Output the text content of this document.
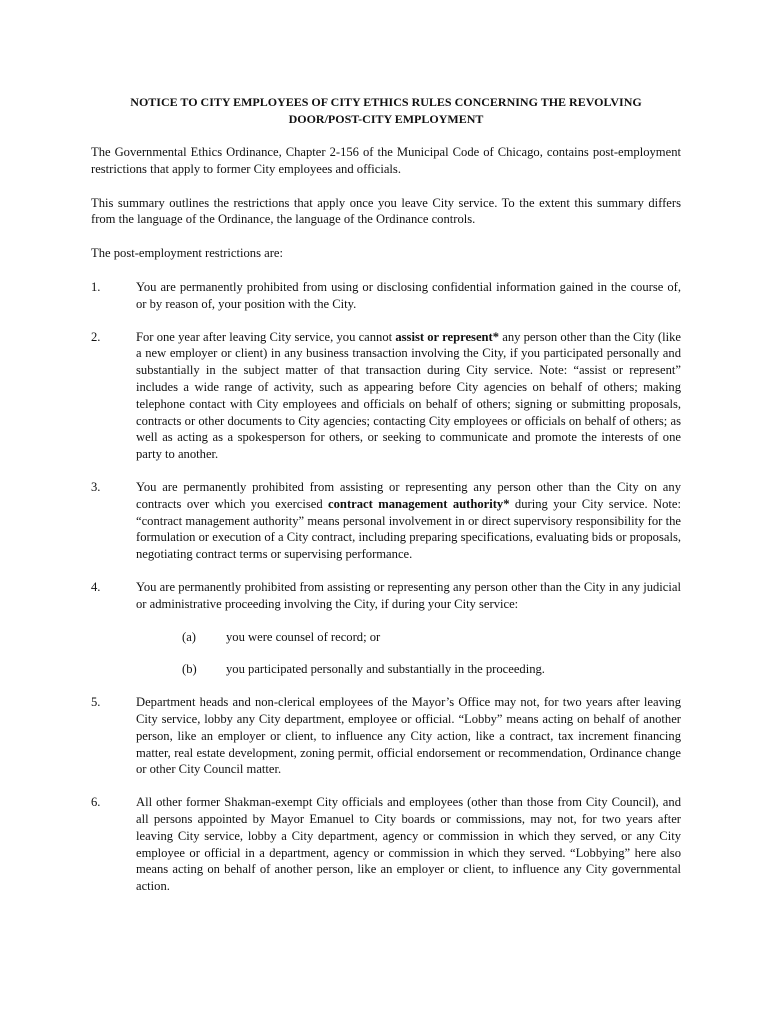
NOTICE TO CITY EMPLOYEES OF CITY ETHICS RULES CONCERNING THE REVOLVING
DOOR/POST-CITY EMPLOYMENT

The Governmental Ethics Ordinance, Chapter 2-156 of the Municipal Code of Chicago, contains post-employment restrictions that apply to former City employees and officials.

This summary outlines the restrictions that apply once you leave City service. To the extent this summary differs from the language of the Ordinance, the language of the Ordinance controls.

The post-employment restrictions are:

1.	You are permanently prohibited from using or disclosing confidential information gained in the course of, or by reason of, your position with the City.
2.	For one year after leaving City service, you cannot assist or represent* any person other than the City (like a new employer or client) in any business transaction involving the City, if you participated personally and substantially in the subject matter of that transaction during City service. Note: “assist or represent” includes a wide range of activity, such as appearing before City agencies on behalf of others; making telephone contact with City employees and officials on behalf of others; signing or submitting proposals, contracts or other documents to City agencies; contacting City employees or officials on behalf of others; as well as acting as a spokesperson for others, or seeking to communicate and promote the interests of one party to another.
3.	You are permanently prohibited from assisting or representing any person other than the City on any contracts over which you exercised contract management authority* during your City service. Note: “contract management authority” means personal involvement in or direct supervisory responsibility for the formulation or execution of a City contract, including preparing specifications, evaluating bids or proposals, negotiating contract terms or supervising performance.
4.	You are permanently prohibited from assisting or representing any person other than the City in any judicial or administrative proceeding involving the City, if during your City service:
(a)	you were counsel of record; or
(b)	you participated personally and substantially in the proceeding.
5.	Department heads and non-clerical employees of the Mayor’s Office may not, for two years after leaving City service, lobby any City department, employee or official. “Lobby” means acting on behalf of another person, like an employer or client, to influence any City action, like a contract, tax increment financing matter, real estate development, zoning permit, official endorsement or recommendation, Ordinance change or other City Council matter.
6.	All other former Shakman-exempt City officials and employees (other than those from City Council), and all persons appointed by Mayor Emanuel to City boards or commissions, may not, for two years after leaving City service, lobby a City department, agency or commission in which they served, or any City employee or official in a department, agency or commission in which they served. “Lobbying” here also means acting on behalf of another person, like an employer or client, to influence any City governmental action.
